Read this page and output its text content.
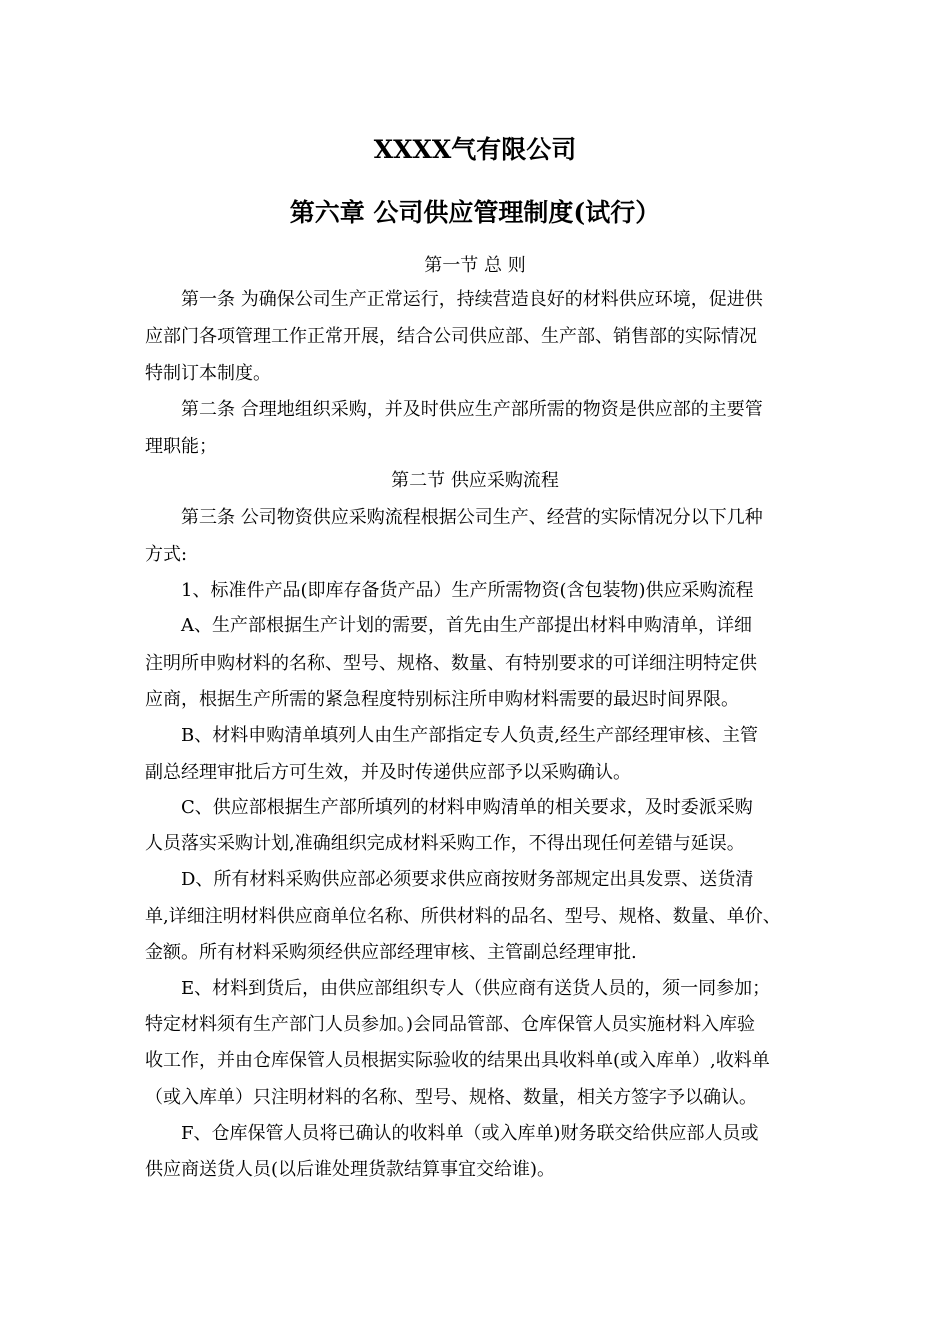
XXXX气有限公司
第六章 公司供应管理制度(试行）
第一节 总 则
第一条 为确保公司生产正常运行，持续营造良好的材料供应环境，促进供
应部门各项管理工作正常开展，结合公司供应部、生产部、销售部的实际情况
特制订本制度。
第二条 合理地组织采购，并及时供应生产部所需的物资是供应部的主要管
理职能；
第二节 供应采购流程
第三条 公司物资供应采购流程根据公司生产、经营的实际情况分以下几种
方式:
1、标准件产品(即库存备货产品）生产所需物资(含包装物)供应采购流程
A、生产部根据生产计划的需要，首先由生产部提出材料申购清单，详细
注明所申购材料的名称、型号、规格、数量、有特别要求的可详细注明特定供
应商，根据生产所需的紧急程度特别标注所申购材料需要的最迟时间界限。
B、材料申购清单填列人由生产部指定专人负责,经生产部经理审核、主管
副总经理审批后方可生效，并及时传递供应部予以采购确认。
C、供应部根据生产部所填列的材料申购清单的相关要求，及时委派采购
人员落实采购计划,准确组织完成材料采购工作，不得出现任何差错与延误。
D、所有材料采购供应部必须要求供应商按财务部规定出具发票、送货清
单,详细注明材料供应商单位名称、所供材料的品名、型号、规格、数量、单价、
金额。所有材料采购须经供应部经理审核、主管副总经理审批.
E、材料到货后，由供应部组织专人（供应商有送货人员的，须一同参加；
特定材料须有生产部门人员参加。)会同品管部、仓库保管人员实施材料入库验
收工作，并由仓库保管人员根据实际验收的结果出具收料单(或入库单）,收料单
（或入库单）只注明材料的名称、型号、规格、数量，相关方签字予以确认。
F、仓库保管人员将已确认的收料单（或入库单)财务联交给供应部人员或
供应商送货人员(以后谁处理货款结算事宜交给谁)。
